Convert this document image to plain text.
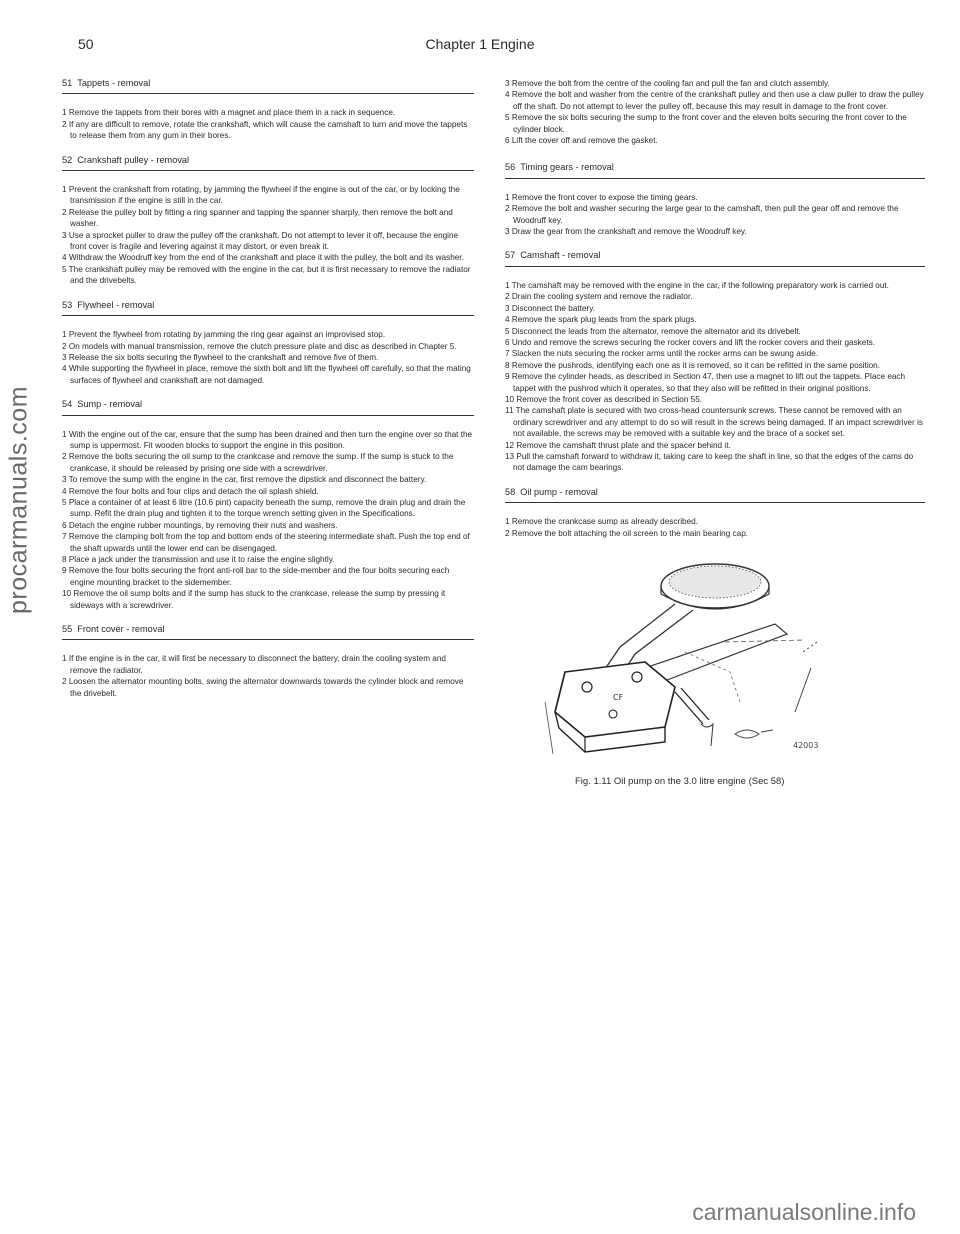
50	Chapter 1 Engine
procarmanuals.com
51 Tappets - removal

1 Remove the tappets from their bores with a magnet and place them in a rack in sequence.

2 If any are difficult to remove, rotate the crankshaft, which will cause the camshaft to turn and move the tappets to release them from any gum in their bores.

52 Crankshaft pulley - removal

1 Prevent the crankshaft from rotating, by jamming the flywheel if the engine is out of the car, or by locking the transmission if the engine is still in the car.

2 Release the pulley bolt by fitting a ring spanner and tapping the spanner sharply, then remove the bolt and washer.

3 Use a sprocket puller to draw the pulley off the crankshaft. Do not attempt to lever it off, because the engine front cover is fragile and levering against it may distort, or even break it.

4 Withdraw the Woodruff key from the end of the crankshaft and place it with the pulley, the bolt and its washer.

5 The crankshaft pulley may be removed with the engine in the car, but it is first necessary to remove the radiator and the drivebelts.

53 Flywheel - removal

1 Prevent the flywheel from rotating by jamming the ring gear against an improvised stop.

2 On models with manual transmission, remove the clutch pressure plate and disc as described in Chapter 5.

3 Release the six bolts securing the flywheel to the crankshaft and remove five of them.

4 While supporting the flywheel in place, remove the sixth bolt and lift the flywheel off carefully, so that the mating surfaces of flywheel and crankshaft are not damaged.

54 Sump - removal

1 With the engine out of the car, ensure that the sump has been drained and then turn the engine over so that the sump is uppermost. Fit wooden blocks to support the engine in this position.

2 Remove the bolts securing the oil sump to the crankcase and remove the sump. If the sump is stuck to the crankcase, it should be released by prising one side with a screwdriver.

3 To remove the sump with the engine in the car, first remove the dipstick and disconnect the battery.

4 Remove the four bolts and four clips and detach the oil splash shield.

5 Place a container of at least 6 litre (10.6 pint) capacity beneath the sump, remove the drain plug and drain the sump. Refit the drain plug and tighten it to the torque wrench setting given in the Specifications.

6 Detach the engine rubber mountings, by removing their nuts and washers.

7 Remove the clamping bolt from the top and bottom ends of the steering intermediate shaft. Push the top end of the shaft upwards until the lower end can be disengaged.

8 Place a jack under the transmission and use it to raise the engine slightly.

9 Remove the four bolts securing the front anti-roll bar to the side-member and the four bolts securing each engine mounting bracket to the sidemember.

10 Remove the oil sump bolts and if the sump has stuck to the crankcase, release the sump by pressing it sideways with a screwdriver.

55 Front cover - removal

1 If the engine is in the car, it will first be necessary to disconnect the battery, drain the cooling system and remove the radiator.

2 Loosen the alternator mounting bolts, swing the alternator downwards towards the cylinder block and remove the drivebelt.

3 Remove the bolt from the centre of the cooling fan and pull the fan and clutch assembly.

4 Remove the bolt and washer from the centre of the crankshaft pulley and then use a claw puller to draw the pulley off the shaft. Do not attempt to lever the pulley off, because this may result in damage to the front cover.

5 Remove the six bolts securing the sump to the front cover and the eleven bolts securing the front cover to the cylinder block.

6 Lift the cover off and remove the gasket.

56 Timing gears - removal

1 Remove the front cover to expose the timing gears.

2 Remove the bolt and washer securing the large gear to the camshaft, then pull the gear off and remove the Woodruff key.

3 Draw the gear from the crankshaft and remove the Woodruff key.

57 Camshaft - removal

1 The camshaft may be removed with the engine in the car, if the following preparatory work is carried out.

2 Drain the cooling system and remove the radiator.

3 Disconnect the battery.

4 Remove the spark plug leads from the spark plugs.

5 Disconnect the leads from the alternator, remove the alternator and its drivebelt.

6 Undo and remove the screws securing the rocker covers and lift the rocker covers and their gaskets.

7 Slacken the nuts securing the rocker arms until the rocker arms can be swung aside.

8 Remove the pushrods, identifying each one as it is removed, so it can be refitted in the same position.

9 Remove the cylinder heads, as described in Section 47, then use a magnet to lift out the tappets. Place each tappet with the pushrod which it operates, so that they also will be refitted in their original positions.

10 Remove the front cover as described in Section 55.

11 The camshaft plate is secured with two cross-head countersunk screws. These cannot be removed with an ordinary screwdriver and any attempt to do so will result in the screws being damaged. If an impact screwdriver is not available, the screws may be removed with a suitable key and the brace of a socket set.

12 Remove the camshaft thrust plate and the spacer behind it.

13 Pull the camshaft forward to withdraw it, taking care to keep the shaft in line, so that the edges of the cams do not damage the cam bearings.

58 Oil pump - removal

1 Remove the crankcase sump as already described.

2 Remove the bolt attaching the oil screen to the main bearing cap.

CF
42003
Fig. 1.11 Oil pump on the 3.0 litre engine (Sec 58)
carmanualsonline.info
